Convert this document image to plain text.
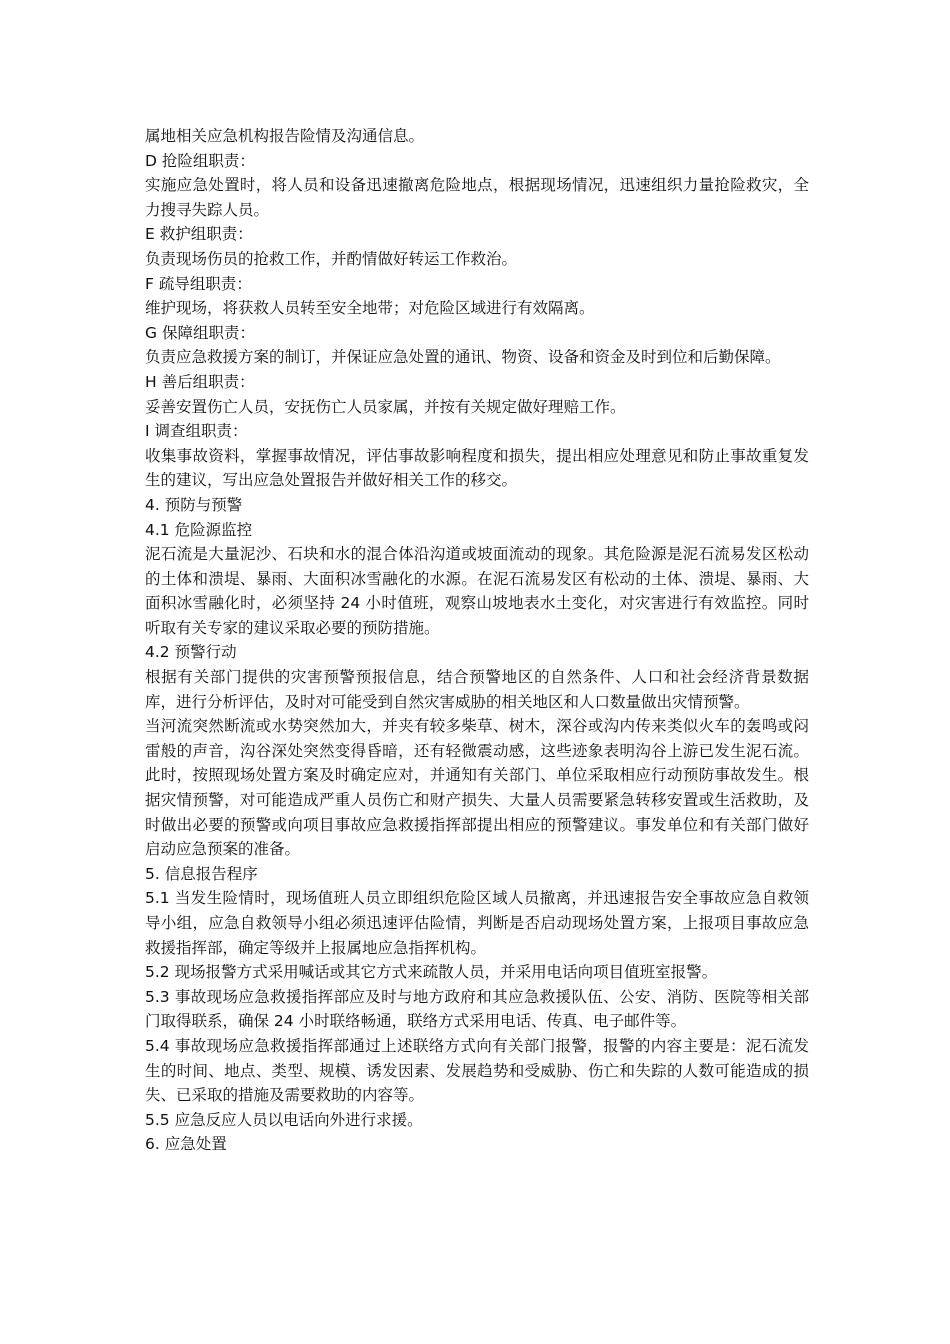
属地相关应急机构报告险情及沟通信息。

D 抢险组职责：

实施应急处置时，将人员和设备迅速撤离危险地点，根据现场情况，迅速组织力量抢险救灾，全力搜寻失踪人员。

E 救护组职责：

负责现场伤员的抢救工作，并酌情做好转运工作救治。

F 疏导组职责：

维护现场，将获救人员转至安全地带；对危险区域进行有效隔离。

G 保障组职责：

负责应急救援方案的制订，并保证应急处置的通讯、物资、设备和资金及时到位和后勤保障。

H 善后组职责：

妥善安置伤亡人员，安抚伤亡人员家属，并按有关规定做好理赔工作。

I 调查组职责：

收集事故资料，掌握事故情况，评估事故影响程度和损失，提出相应处理意见和防止事故重复发生的建议，写出应急处置报告并做好相关工作的移交。

4. 预防与预警

4.1 危险源监控

泥石流是大量泥沙、石块和水的混合体沿沟道或坡面流动的现象。其危险源是泥石流易发区松动的土体和溃堤、暴雨、大面积冰雪融化的水源。在泥石流易发区有松动的土体、溃堤、暴雨、大面积冰雪融化时，必须坚持 24 小时值班，观察山坡地表水土变化，对灾害进行有效监控。同时听取有关专家的建议采取必要的预防措施。

4.2 预警行动

根据有关部门提供的灾害预警预报信息，结合预警地区的自然条件、人口和社会经济背景数据库，进行分析评估，及时对可能受到自然灾害威胁的相关地区和人口数量做出灾情预警。

当河流突然断流或水势突然加大，并夹有较多柴草、树木，深谷或沟内传来类似火车的轰鸣或闷雷般的声音，沟谷深处突然变得昏暗，还有轻微震动感，这些迹象表明沟谷上游已发生泥石流。此时，按照现场处置方案及时确定应对，并通知有关部门、单位采取相应行动预防事故发生。根据灾情预警，对可能造成严重人员伤亡和财产损失、大量人员需要紧急转移安置或生活救助，及时做出必要的预警或向项目事故应急救援指挥部提出相应的预警建议。事发单位和有关部门做好启动应急预案的准备。

5. 信息报告程序

5.1 当发生险情时，现场值班人员立即组织危险区域人员撤离，并迅速报告安全事故应急自救领导小组，应急自救领导小组必须迅速评估险情，判断是否启动现场处置方案，上报项目事故应急救援指挥部，确定等级并上报属地应急指挥机构。

5.2 现场报警方式采用喊话或其它方式来疏散人员，并采用电话向项目值班室报警。

5.3 事故现场应急救援指挥部应及时与地方政府和其应急救援队伍、公安、消防、医院等相关部门取得联系，确保 24 小时联络畅通，联络方式采用电话、传真、电子邮件等。

5.4 事故现场应急救援指挥部通过上述联络方式向有关部门报警，报警的内容主要是：泥石流发生的时间、地点、类型、规模、诱发因素、发展趋势和受威胁、伤亡和失踪的人数可能造成的损失、已采取的措施及需要救助的内容等。

5.5 应急反应人员以电话向外进行求援。

6. 应急处置
